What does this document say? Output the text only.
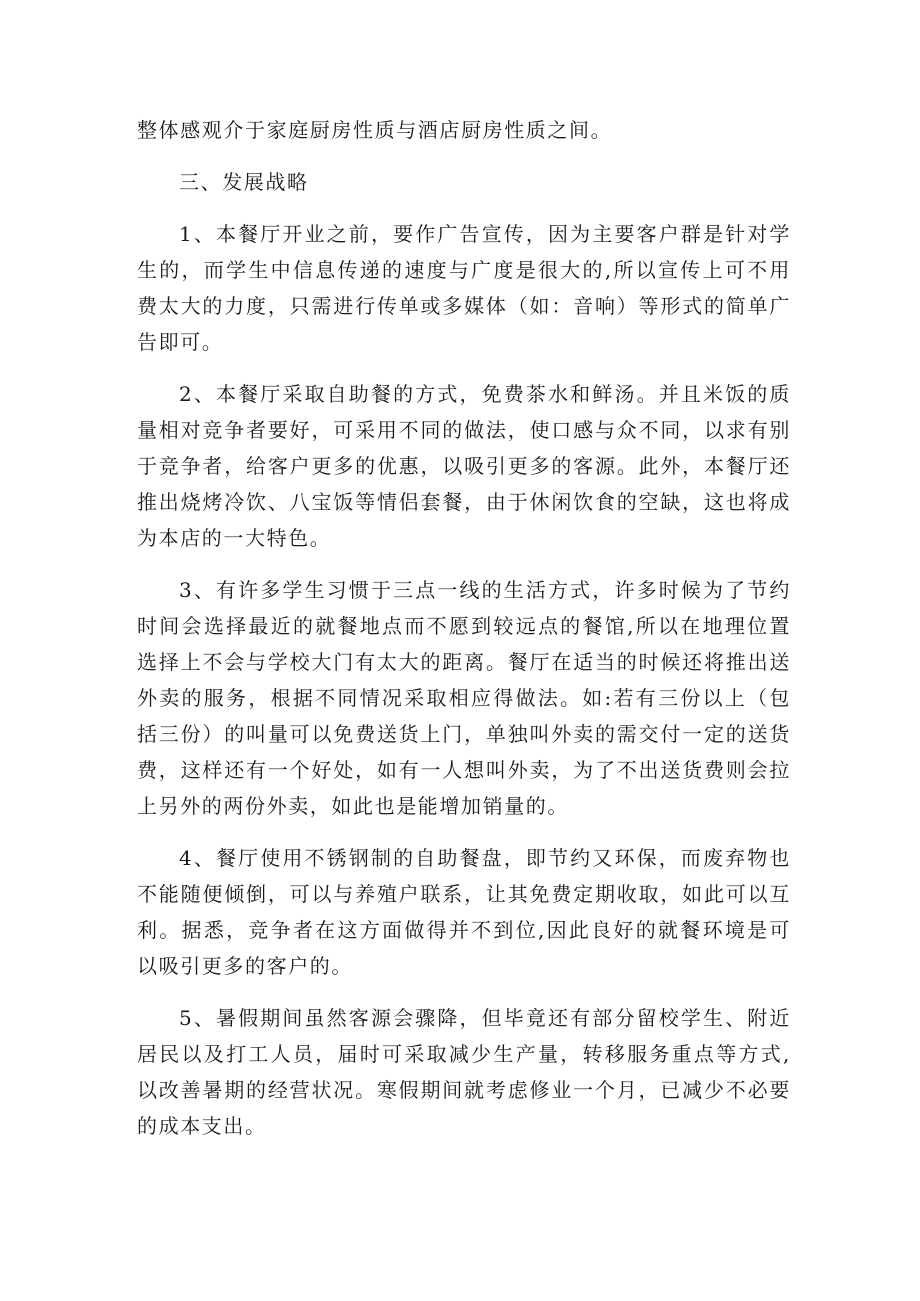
整体感观介于家庭厨房性质与酒店厨房性质之间。

三、发展战略

1、本餐厅开业之前，要作广告宣传，因为主要客户群是针对学生的，而学生中信息传递的速度与广度是很大的,所以宣传上可不用费太大的力度，只需进行传单或多媒体（如：音响）等形式的简单广告即可。

2、本餐厅采取自助餐的方式，免费茶水和鲜汤。并且米饭的质量相对竞争者要好，可采用不同的做法，使口感与众不同，以求有别于竞争者，给客户更多的优惠，以吸引更多的客源。此外，本餐厅还推出烧烤冷饮、八宝饭等情侣套餐，由于休闲饮食的空缺，这也将成为本店的一大特色。

3、有许多学生习惯于三点一线的生活方式，许多时候为了节约时间会选择最近的就餐地点而不愿到较远点的餐馆,所以在地理位置选择上不会与学校大门有太大的距离。餐厅在适当的时候还将推出送外卖的服务，根据不同情况采取相应得做法。如:若有三份以上（包括三份）的叫量可以免费送货上门，单独叫外卖的需交付一定的送货费，这样还有一个好处，如有一人想叫外卖，为了不出送货费则会拉上另外的两份外卖，如此也是能增加销量的。

4、餐厅使用不锈钢制的自助餐盘，即节约又环保，而废弃物也不能随便倾倒，可以与养殖户联系，让其免费定期收取，如此可以互利。据悉，竞争者在这方面做得并不到位,因此良好的就餐环境是可以吸引更多的客户的。

5、暑假期间虽然客源会骤降，但毕竟还有部分留校学生、附近居民以及打工人员，届时可采取减少生产量，转移服务重点等方式,以改善暑期的经营状况。寒假期间就考虑修业一个月，已减少不必要的成本支出。
